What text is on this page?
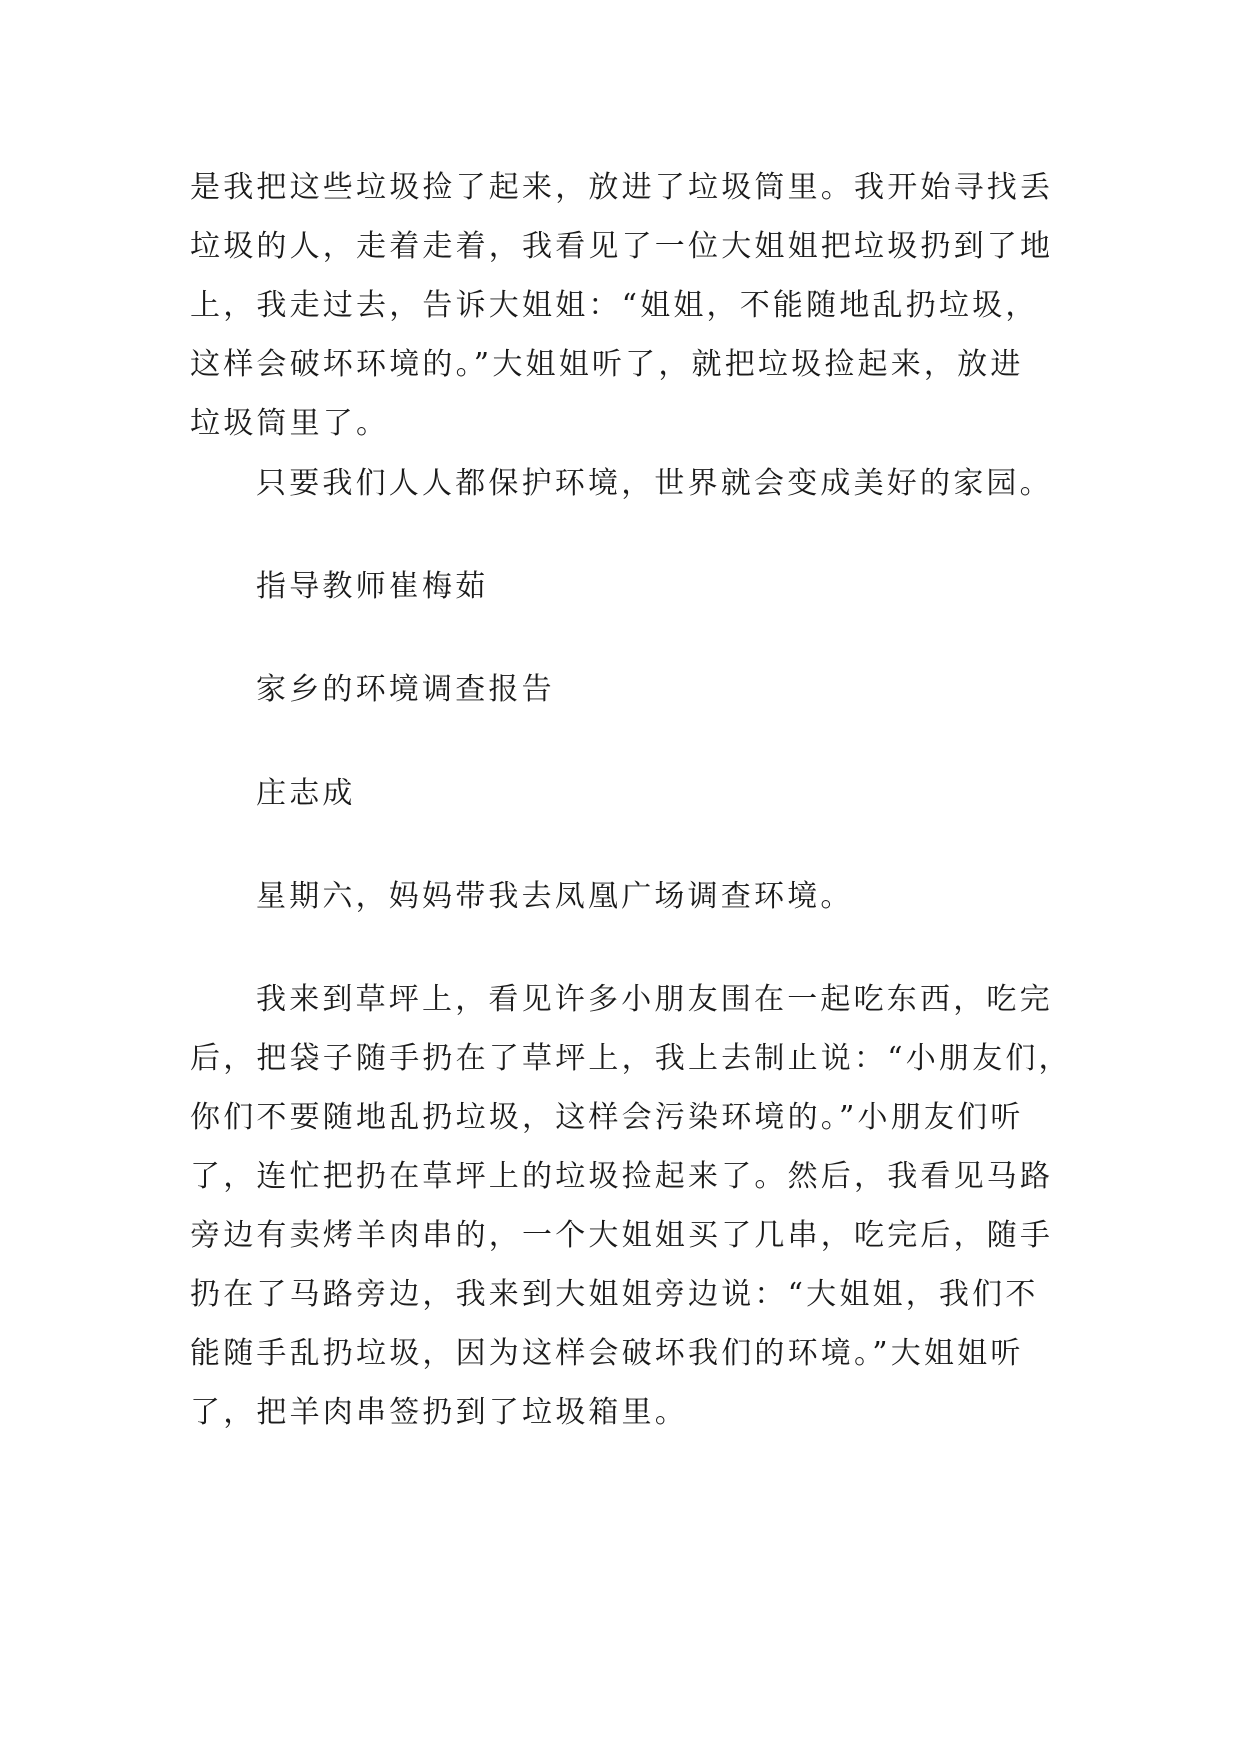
是我把这些垃圾捡了起来，放进了垃圾筒里。我开始寻找丢
垃圾的人，走着走着，我看见了一位大姐姐把垃圾扔到了地
上，我走过去，告诉大姐姐：“姐姐，不能随地乱扔垃圾，
这样会破坏环境的。”大姐姐听了，就把垃圾捡起来，放进
垃圾筒里了。
只要我们人人都保护环境，世界就会变成美好的家园。
指导教师崔梅茹
家乡的环境调查报告
庄志成
星期六，妈妈带我去凤凰广场调查环境。
我来到草坪上，看见许多小朋友围在一起吃东西，吃完
后，把袋子随手扔在了草坪上，我上去制止说：“小朋友们，
你们不要随地乱扔垃圾，这样会污染环境的。”小朋友们听
了，连忙把扔在草坪上的垃圾捡起来了。然后，我看见马路
旁边有卖烤羊肉串的，一个大姐姐买了几串，吃完后，随手
扔在了马路旁边，我来到大姐姐旁边说：“大姐姐，我们不
能随手乱扔垃圾，因为这样会破坏我们的环境。”大姐姐听
了，把羊肉串签扔到了垃圾箱里。
